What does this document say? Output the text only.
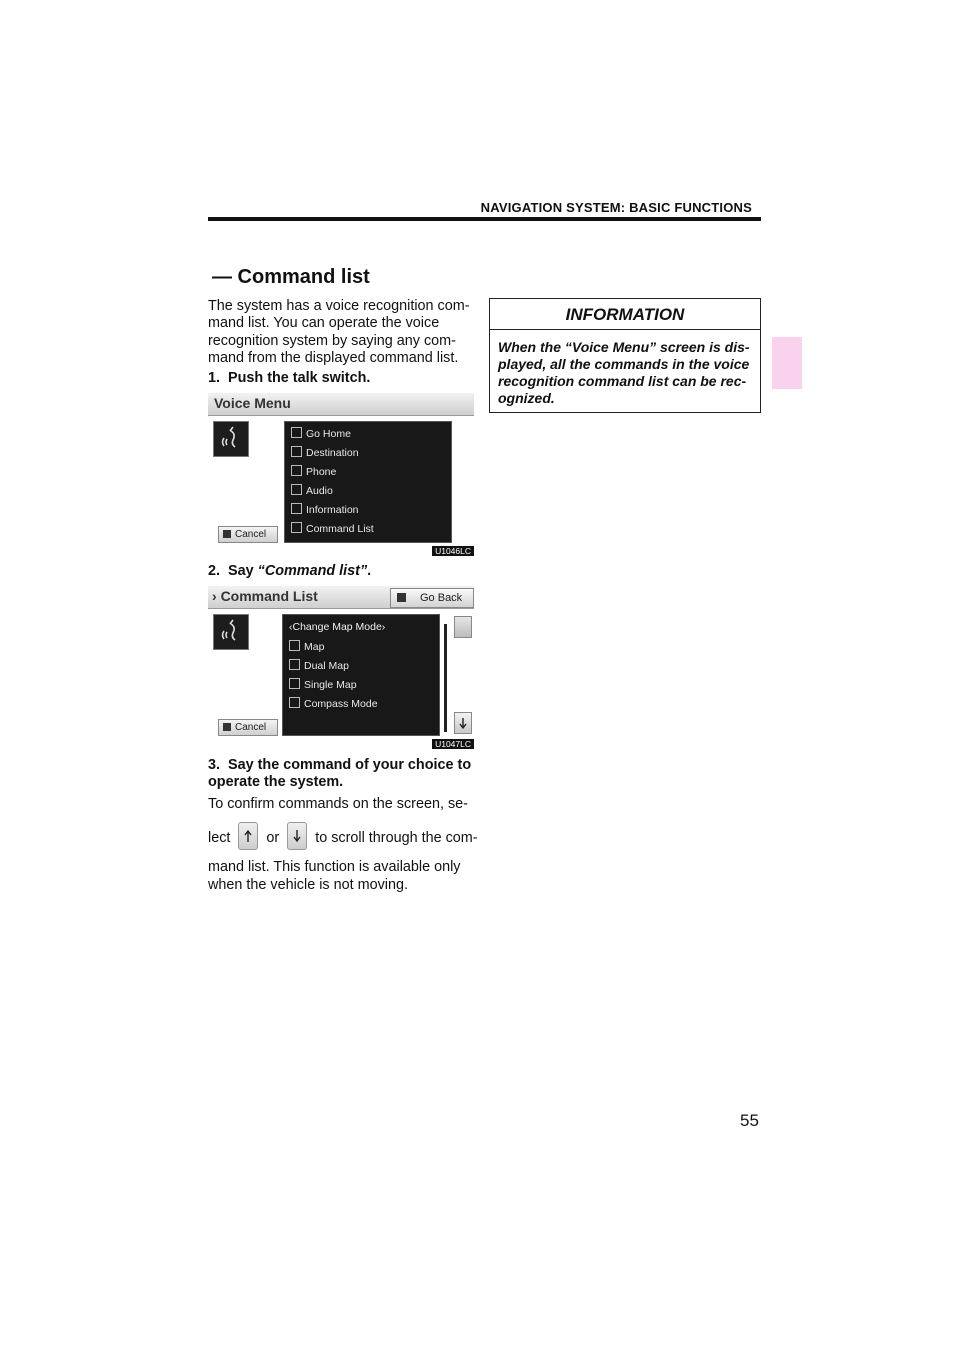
NAVIGATION SYSTEM: BASIC FUNCTIONS
— Command list
The system has a voice recognition com-
mand list. You can operate the voice
recognition system by saying any com-
mand from the displayed command list.
1. Push the talk switch.
Voice Menu
Go Home
Destination
Phone
Audio
Information
Command List
Cancel
U1046LC
2. Say “Command list”.
› Command List	Go Back
‹Change Map Mode›
Map
Dual Map
Single Map
Compass Mode
Cancel
U1047LC
3. Say the command of your choice to
operate the system.
To confirm commands on the screen, se-
lect	or	to scroll through the com-
mand list. This function is available only
when the vehicle is not moving.
INFORMATION
When the “Voice Menu” screen is dis-
played, all the commands in the voice
recognition command list can be rec-
ognized.
55
